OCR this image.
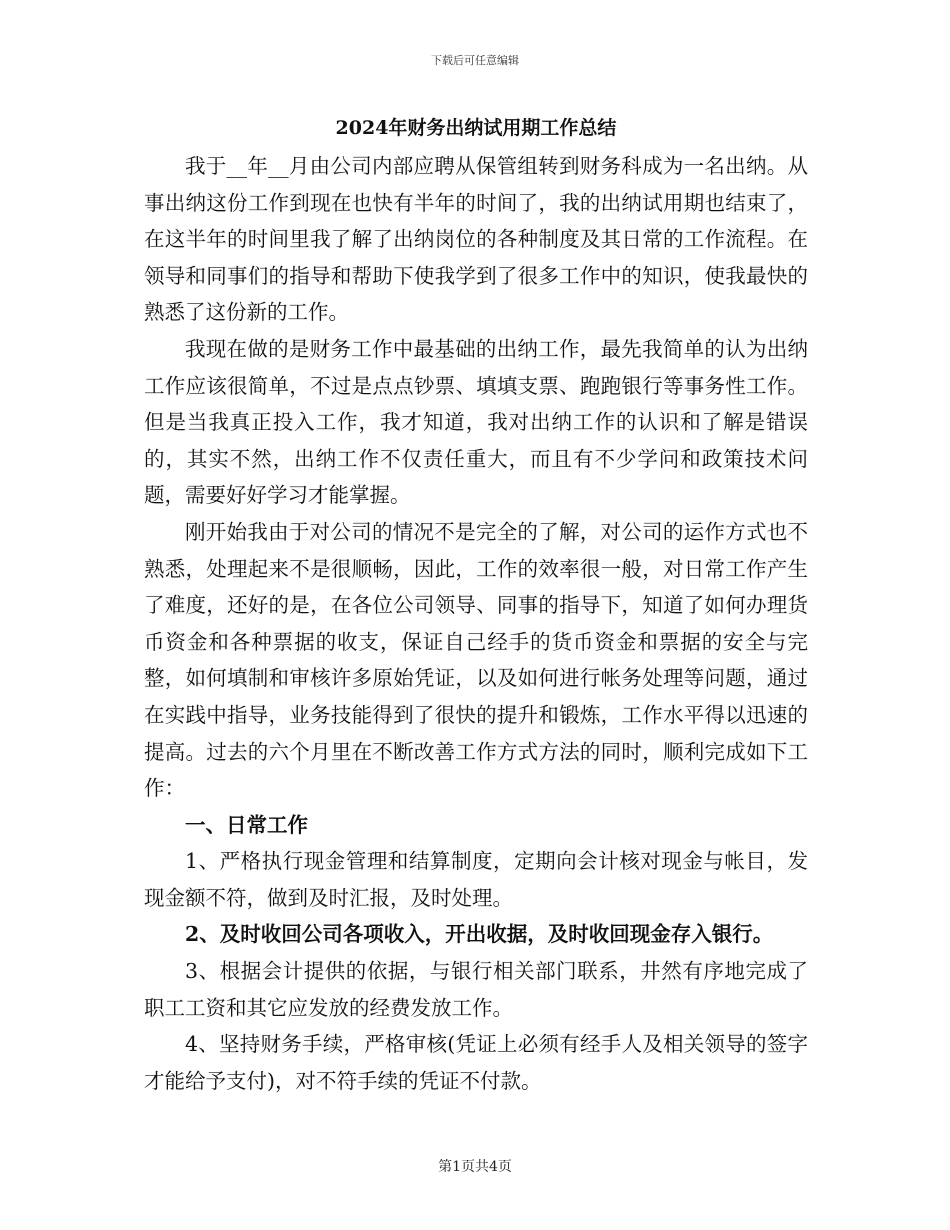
下载后可任意编辑
2024年财务出纳试用期工作总结

我于__年__月由公司内部应聘从保管组转到财务科成为一名出纳。从事出纳这份工作到现在也快有半年的时间了，我的出纳试用期也结束了，在这半年的时间里我了解了出纳岗位的各种制度及其日常的工作流程。在领导和同事们的指导和帮助下使我学到了很多工作中的知识，使我最快的熟悉了这份新的工作。

我现在做的是财务工作中最基础的出纳工作，最先我简单的认为出纳工作应该很简单，不过是点点钞票、填填支票、跑跑银行等事务性工作。但是当我真正投入工作，我才知道，我对出纳工作的认识和了解是错误的，其实不然，出纳工作不仅责任重大，而且有不少学问和政策技术问题，需要好好学习才能掌握。

刚开始我由于对公司的情况不是完全的了解，对公司的运作方式也不熟悉，处理起来不是很顺畅，因此，工作的效率很一般，对日常工作产生了难度，还好的是，在各位公司领导、同事的指导下，知道了如何办理货币资金和各种票据的收支，保证自己经手的货币资金和票据的安全与完整，如何填制和审核许多原始凭证，以及如何进行帐务处理等问题，通过在实践中指导，业务技能得到了很快的提升和锻炼，工作水平得以迅速的提高。过去的六个月里在不断改善工作方式方法的同时，顺利完成如下工作：

一、日常工作

1、严格执行现金管理和结算制度，定期向会计核对现金与帐目，发现金额不符，做到及时汇报，及时处理。

2、及时收回公司各项收入，开出收据，及时收回现金存入银行。

3、根据会计提供的依据，与银行相关部门联系，井然有序地完成了职工工资和其它应发放的经费发放工作。

4、坚持财务手续，严格审核(凭证上必须有经手人及相关领导的签字才能给予支付)，对不符手续的凭证不付款。

第1页共4页
